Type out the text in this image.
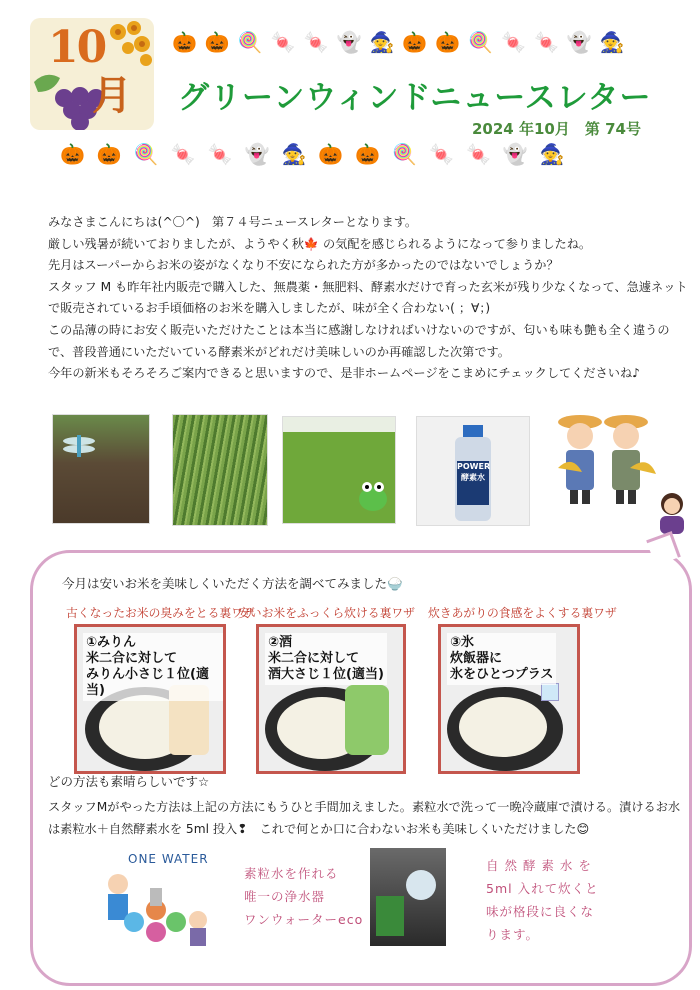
10
月
🎃 🎃 🍭 🍬 🍬 👻 🧙 🎃 🎃 🍭 🍬 🍬 👻 🧙
グリーンウィンドニュースレター
2024 年10月　第 74号
🎃 🎃 🍭 🍬 🍬 👻 🧙 🎃 🎃 🍭 🍬 🍬 👻 🧙

みなさまこんにちは(^〇^)　第７４号ニュースレターとなります。

厳しい残暑が続いておりましたが、ようやく秋🍁 の気配を感じられるようになって参りましたね。

先月はスーパーからお米の姿がなくなり不安になられた方が多かったのではないでしょうか？

スタッフ M も昨年社内販売で購入した、無農薬・無肥料、酵素水だけで育った玄米が残り少なくなって、急遽ネットで販売されているお手頃価格のお米を購入しましたが、味が全く合わない( ；∀；)

この品薄の時にお安く販売いただけたことは本当に感謝しなければいけないのですが、匂いも味も艶も全く違うので、普段普通にいただいている酵素米がどれだけ美味しいのか再確認した次第です。

今年の新米もそろそろご案内できると思いますので、是非ホームページをこまめにチェックしてくださいね♪

POWER
酵素水
今月は安いお米を美味しくいただく方法を調べてみました🍚
古くなったお米の臭みをとる裏ワザ
①みりん
米二合に対して
みりん小さじ１位(適当)
安いお米をふっくら炊ける裏ワザ
②酒
米二合に対して
酒大さじ１位(適当)
炊きあがりの食感をよくする裏ワザ
③氷
炊飯器に
氷をひとつプラス
どの方法も素晴らしいです☆
スタッフMがやった方法は上記の方法にもうひと手間加えました。素粒水で洗って一晩冷蔵庫で漬ける。漬けるお水は素粒水＋自然酵素水を 5ml 投入❢　これで何とか口に合わないお米も美味しくいただけました😊
ONE WATER
素粒水を作れる
唯一の浄水器
ワンウォーターeco
自 然 酵 素 水 を
5ml 入れて炊くと
味が格段に良くな
ります。
